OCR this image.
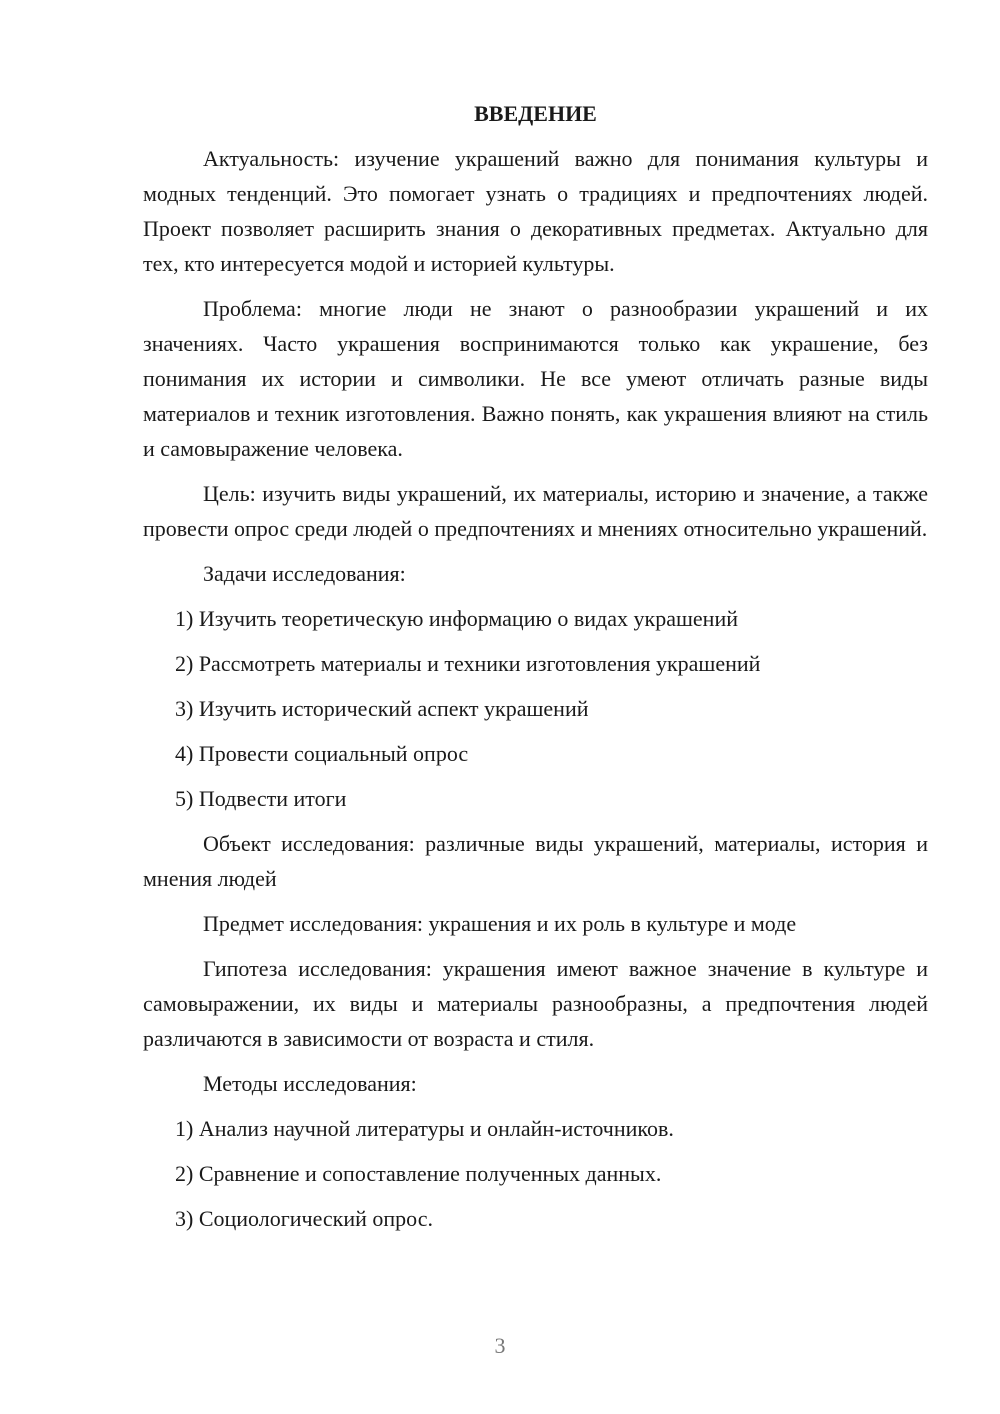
ВВЕДЕНИЕ

Актуальность: изучение украшений важно для понимания культуры и модных тенденций. Это помогает узнать о традициях и предпочтениях людей. Проект позволяет расширить знания о декоративных предметах. Актуально для тех, кто интересуется модой и историей культуры.

Проблема: многие люди не знают о разнообразии украшений и их значениях. Часто украшения воспринимаются только как украшение, без понимания их истории и символики. Не все умеют отличать разные виды материалов и техник изготовления. Важно понять, как украшения влияют на стиль и самовыражение человека.

Цель: изучить виды украшений, их материалы, историю и значение, а также провести опрос среди людей о предпочтениях и мнениях относительно украшений.

Задачи исследования:

1) Изучить теоретическую информацию о видах украшений
2) Рассмотреть материалы и техники изготовления украшений
3) Изучить исторический аспект украшений
4) Провести социальный опрос
5) Подвести итоги

Объект исследования: различные виды украшений, материалы, история и мнения людей

Предмет исследования: украшения и их роль в культуре и моде

Гипотеза исследования: украшения имеют важное значение в культуре и самовыражении, их виды и материалы разнообразны, а предпочтения людей различаются в зависимости от возраста и стиля.

Методы исследования:

1) Анализ научной литературы и онлайн-источников.
2) Сравнение и сопоставление полученных данных.
3) Социологический опрос.
3
